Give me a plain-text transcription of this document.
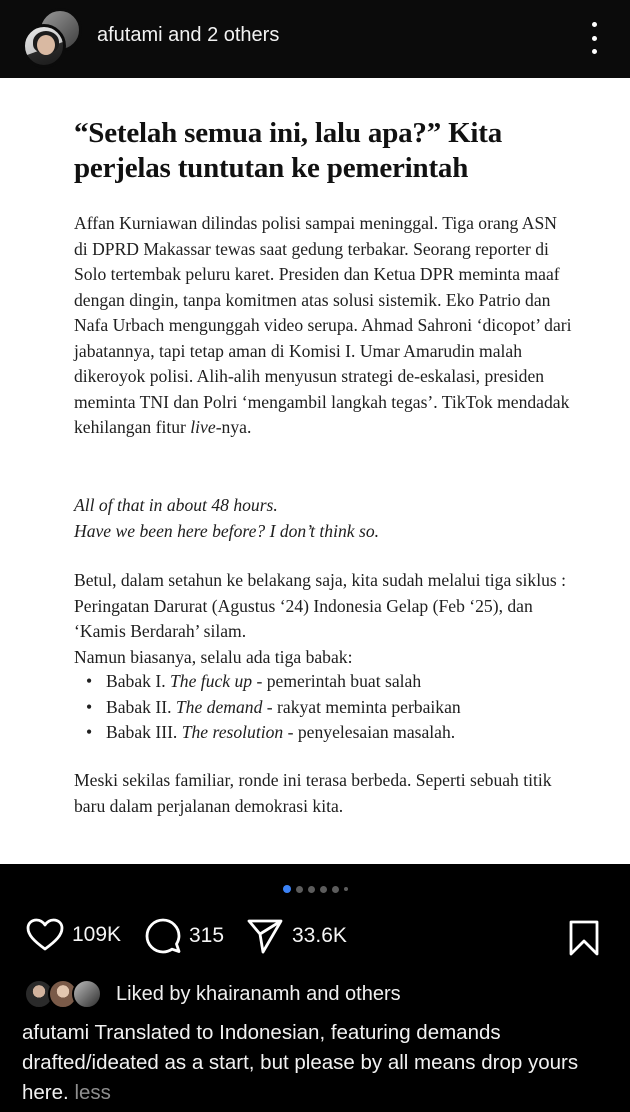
afutami and 2 others
“Setelah semua ini, lalu apa?” Kita perjelas tuntutan ke pemerintah
Affan Kurniawan dilindas polisi sampai meninggal. Tiga orang ASN di DPRD Makassar tewas saat gedung terbakar. Seorang reporter di Solo tertembak peluru karet. Presiden dan Ketua DPR meminta maaf dengan dingin, tanpa komitmen atas solusi sistemik. Eko Patrio dan Nafa Urbach mengunggah video serupa. Ahmad Sahroni ‘dicopot’ dari jabatannya, tapi tetap aman di Komisi I. Umar Amarudin malah dikeroyok polisi. Alih-alih menyusun strategi de-eskalasi, presiden meminta TNI dan Polri ‘mengambil langkah tegas’. TikTok mendadak kehilangan fitur live-nya.
All of that in about 48 hours.
Have we been here before? I don’t think so.
Betul, dalam setahun ke belakang saja, kita sudah melalui tiga siklus : Peringatan Darurat (Agustus ‘24) Indonesia Gelap (Feb ‘25), dan ‘Kamis Berdarah’ silam.
Namun biasanya, selalu ada tiga babak:
• Babak I. The fuck up - pemerintah buat salah
• Babak II. The demand - rakyat meminta perbaikan
• Babak III. The resolution - penyelesaian masalah.
Meski sekilas familiar, ronde ini terasa berbeda. Seperti sebuah titik baru dalam perjalanan demokrasi kita.
109K	315	33.6K
Liked by khairanamh and others
afutami Translated to Indonesian, featuring demands drafted/ideated as a start, but please by all means drop yours here. less
